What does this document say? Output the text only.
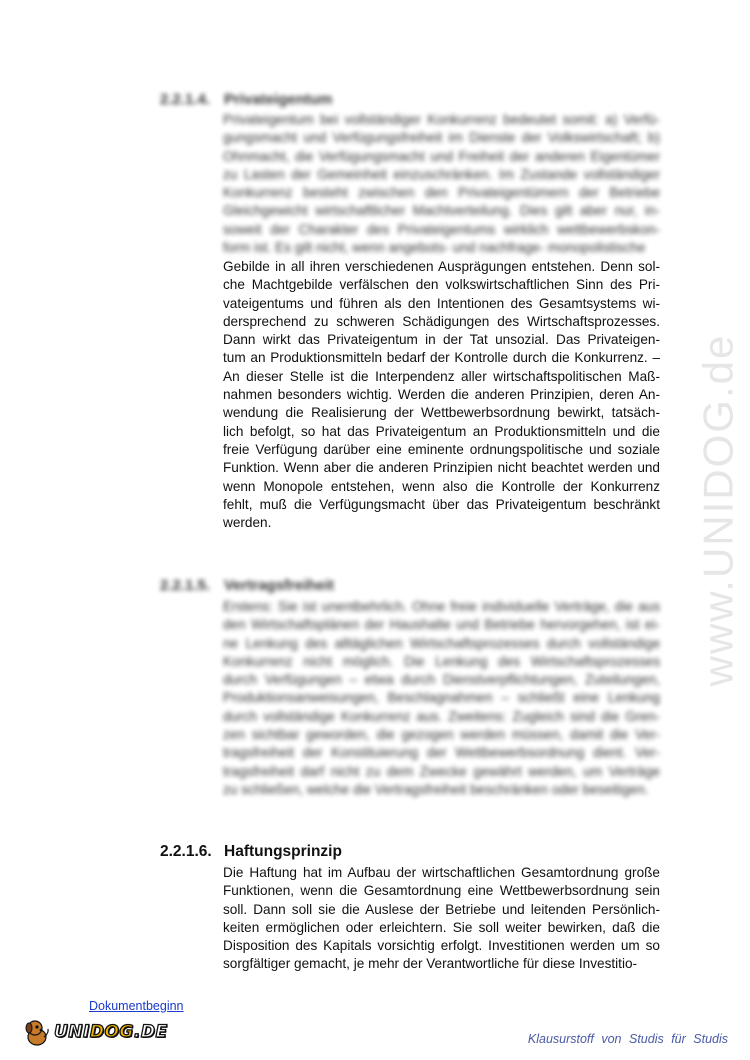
www.UNIDOG.de
2.2.1.4. Privateigentum
Privateigentum bei vollständiger Konkurrenz bedeutet somit: a) Verfü-
gungsmacht und Verfügungsfreiheit im Dienste der Volkswirtschaft; b)
Ohnmacht, die Verfügungsmacht und Freiheit der anderen Eigentümer
zu Lasten der Gemeinheit einzuschränken. Im Zustande vollständiger
Konkurrenz besteht zwischen den Privateigentümern der Betriebe
Gleichgewicht wirtschaftlicher Machtverteilung. Dies gilt aber nur, in-
soweit der Charakter des Privateigentums wirklich wettbewerbskon-
form ist. Es gilt nicht, wenn angebots- und nachfrage- monopolistische
Gebilde in all ihren verschiedenen Ausprägungen entstehen. Denn sol-
che Machtgebilde verfälschen den volkswirtschaftlichen Sinn des Pri-
vateigentums und führen als den Intentionen des Gesamtsystems wi-
dersprechend zu schweren Schädigungen des Wirtschaftsprozesses.
Dann wirkt das Privateigentum in der Tat unsozial. Das Privateigen-
tum an Produktionsmitteln bedarf der Kontrolle durch die Konkurrenz. –
An dieser Stelle ist die Interpendenz aller wirtschaftspolitischen Maß-
nahmen besonders wichtig. Werden die anderen Prinzipien, deren An-
wendung die Realisierung der Wettbewerbsordnung bewirkt, tatsäch-
lich befolgt, so hat das Privateigentum an Produktionsmitteln und die
freie Verfügung darüber eine eminente ordnungspolitische und soziale
Funktion. Wenn aber die anderen Prinzipien nicht beachtet werden und
wenn Monopole entstehen, wenn also die Kontrolle der Konkurrenz
fehlt, muß die Verfügungsmacht über das Privateigentum beschränkt
werden.
2.2.1.5. Vertragsfreiheit
Erstens: Sie ist unentbehrlich. Ohne freie individuelle Verträge, die aus
den Wirtschaftsplänen der Haushalte und Betriebe hervorgehen, ist ei-
ne Lenkung des alltäglichen Wirtschaftsprozesses durch vollständige
Konkurrenz nicht möglich. Die Lenkung des Wirtschaftsprozesses
durch Verfügungen – etwa durch Dienstverpflichtungen, Zuteilungen,
Produktionsanweisungen, Beschlagnahmen – schließt eine Lenkung
durch vollständige Konkurrenz aus. Zweitens: Zugleich sind die Gren-
zen sichtbar geworden, die gezogen werden müssen, damit die Ver-
tragsfreiheit der Konstituierung der Wettbewerbsordnung dient. Ver-
tragsfreiheit darf nicht zu dem Zwecke gewährt werden, um Verträge
zu schließen, welche die Vertragsfreiheit beschränken oder beseitigen.
2.2.1.6. Haftungsprinzip
Die Haftung hat im Aufbau der wirtschaftlichen Gesamtordnung große
Funktionen, wenn die Gesamtordnung eine Wettbewerbsordnung sein
soll. Dann soll sie die Auslese der Betriebe und leitenden Persönlich-
keiten ermöglichen oder erleichtern. Sie soll weiter bewirken, daß die
Disposition des Kapitals vorsichtig erfolgt. Investitionen werden um so
sorgfältiger gemacht, je mehr der Verantwortliche für diese Investitio-
Dokumentbeginn
UNIDOG.DE	Klausurstoff von Studis für Studis
